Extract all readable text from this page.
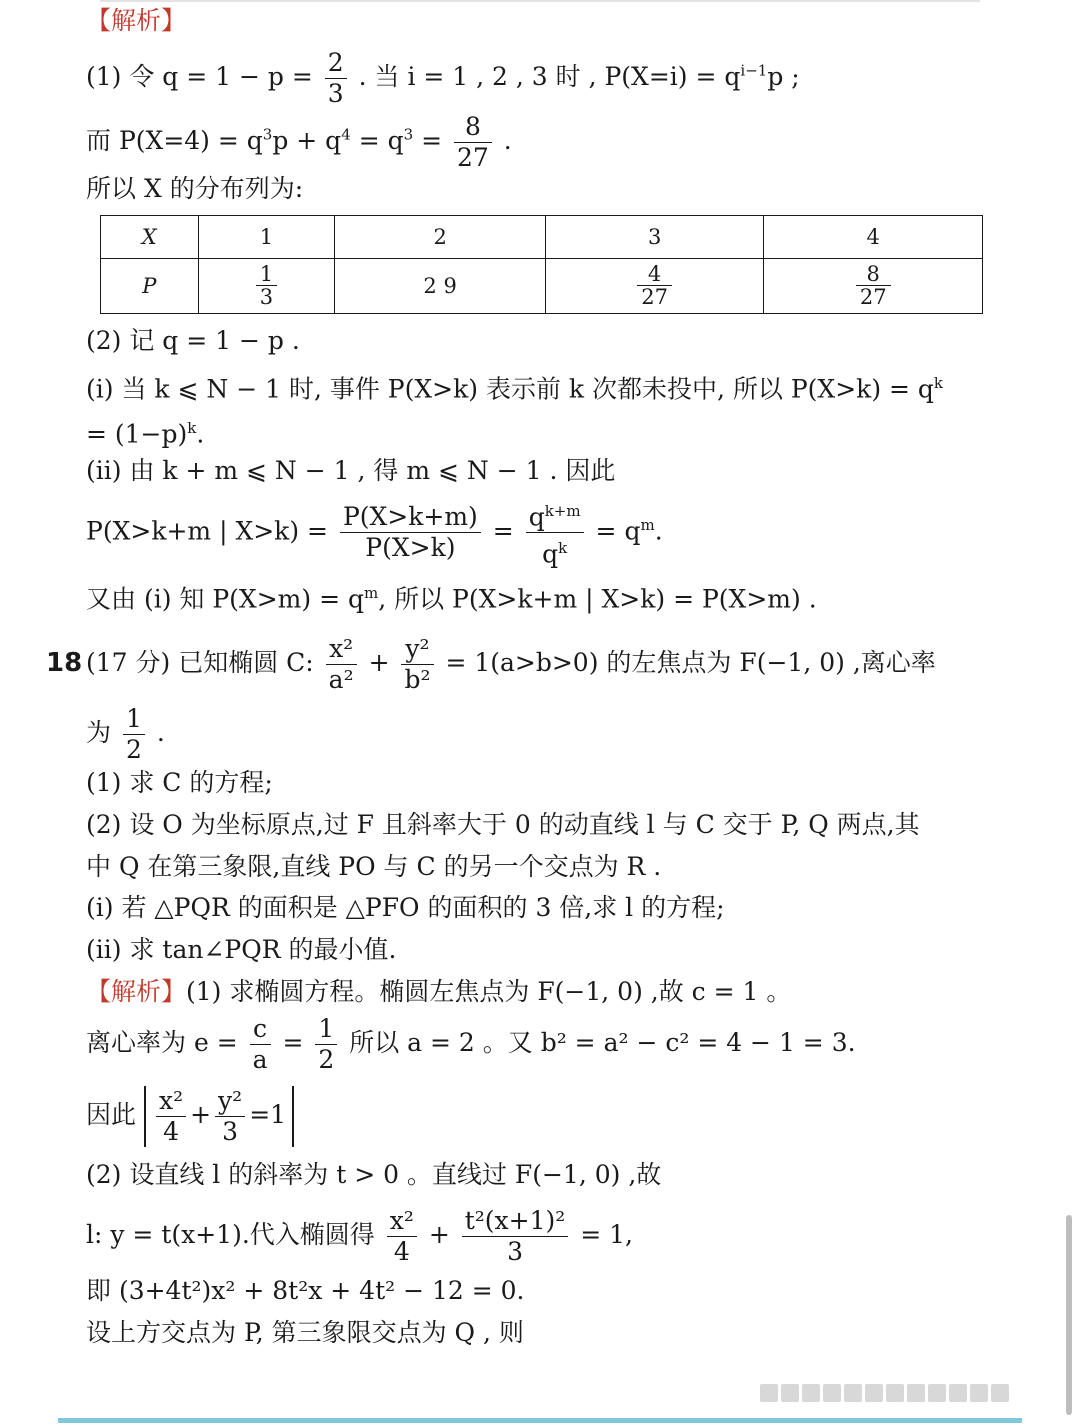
【解析】
(1) 令 $q = 1 - p = \frac{2}{3}$ . 当 i = 1 , 2 , 3 时 , $P(X=i) = q^{i-1}p$ ;
而 $P(X=4) = q^3p + q^4 = q^3 = \frac{8}{27}$ .
所以 X 的分布列为:
X	1	2	3	4
P	$\frac{1}{3}$	2 9	$\frac{4}{27}$	$\frac{8}{27}$
(2) 记 q = 1 − p .
(i) 当 k ⩽ N − 1 时, 事件 P(X>k) 表示前 k 次都未投中, 所以 $P(X>k) = q^k$
= $(1-p)^k$.
(ii) 由 k + m ⩽ N − 1 , 得 m ⩽ N − 1 . 因此
P(X>k+m | $X>k) = \frac{P(X>k+m)}{P(X>k)} = \frac{q^{k+m}}{q^k} = q^m$.
又由 (i) 知 $P(X>m) = q^m$, 所以 P(X>k+m | X>k) = P(X>m) .
18 (17 分) 已知椭圆 C: $\frac{\text{x²}}{\text{a²}} + \frac{\text{y²}}{\text{b²}} = 1(a>b>0)$ 的左焦点为 F(−1, 0) ,离心率
为 $\frac{1}{2}$ .
(1) 求 C 的方程;
(2) 设 O 为坐标原点,过 F 且斜率大于 0 的动直线 l 与 C 交于 P, Q 两点,其
中 Q 在第三象限,直线 PO 与 C 的另一个交点为 R .
(i) 若 △PQR 的面积是 △PFO 的面积的 3 倍,求 l 的方程;
(ii) 求 tan∠PQR 的最小值.
【解析】(1) 求椭圆方程。椭圆左焦点为 F(−1, 0) ,故 c = 1 。
离心率为 $e = \frac{c}{a} = \frac{1}{2}$ 所以 a = 2 。又 b² = a² − c² = 4 − 1 = 3.
因此 $\frac{\text{x²}}{4} + \frac{\text{y²}}{3} =1$
(2) 设直线 l 的斜率为 t > 0 。直线过 F(−1, 0) ,故
l: y = t(x+1).代入椭圆得 $\frac{\text{x²}}{4} + \frac{\text{t²(x+1)²}}{3} = 1$,
即 (3+4t²)x² + 8t²x + 4t² − 12 = 0.
设上方交点为 P, 第三象限交点为 Q , 则
